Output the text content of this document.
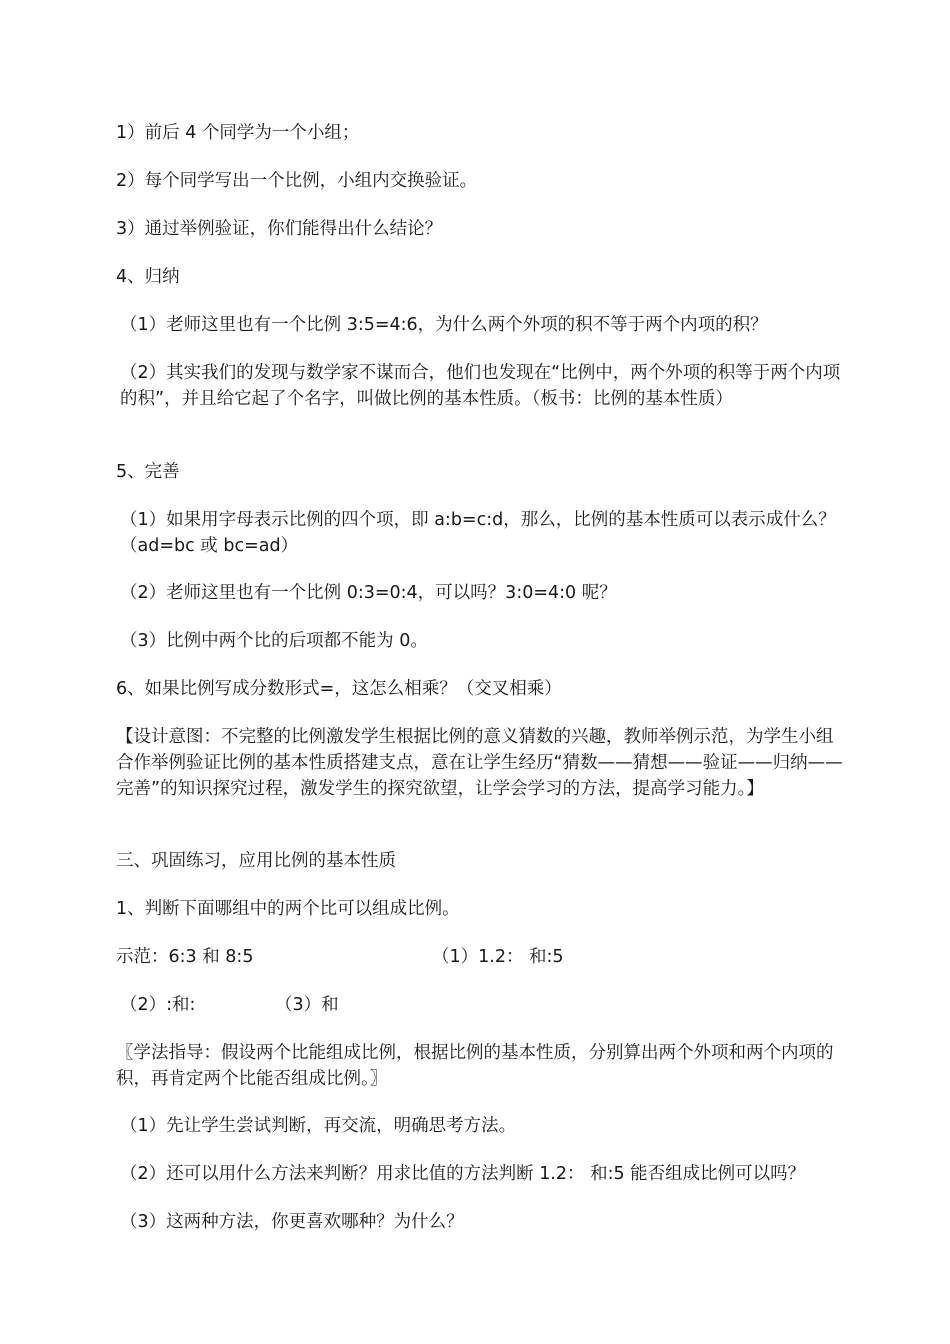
1）前后 4 个同学为一个小组；
2）每个同学写出一个比例，小组内交换验证。
3）通过举例验证，你们能得出什么结论？
4、归纳
（1）老师这里也有一个比例 3:5=4:6，为什么两个外项的积不等于两个内项的积？
（2）其实我们的发现与数学家不谋而合，他们也发现在“比例中，两个外项的积等于两个内项的积”，并且给它起了个名字，叫做比例的基本性质。（板书：比例的基本性质）
5、完善
（1）如果用字母表示比例的四个项，即 a:b=c:d，那么，比例的基本性质可以表示成什么？（ad=bc 或 bc=ad）
（2）老师这里也有一个比例 0:3=0:4，可以吗？3:0=4:0 呢？
（3）比例中两个比的后项都不能为 0。
6、如果比例写成分数形式=，这怎么相乘？（交叉相乘）
【设计意图：不完整的比例激发学生根据比例的意义猜数的兴趣，教师举例示范，为学生小组合作举例验证比例的基本性质搭建支点，意在让学生经历“猜数——猜想——验证——归纳——完善”的知识探究过程，激发学生的探究欲望，让学会学习的方法，提高学习能力。】
三、巩固练习，应用比例的基本性质
1、判断下面哪组中的两个比可以组成比例。
示范：6:3 和 8:5	（1）1.2： 和:5
（2）:和:	（3）和
〖学法指导：假设两个比能组成比例，根据比例的基本性质，分别算出两个外项和两个内项的积，再肯定两个比能否组成比例。〗
（1）先让学生尝试判断，再交流，明确思考方法。
（2）还可以用什么方法来判断？用求比值的方法判断 1.2： 和:5 能否组成比例可以吗？
（3）这两种方法，你更喜欢哪种？为什么？
